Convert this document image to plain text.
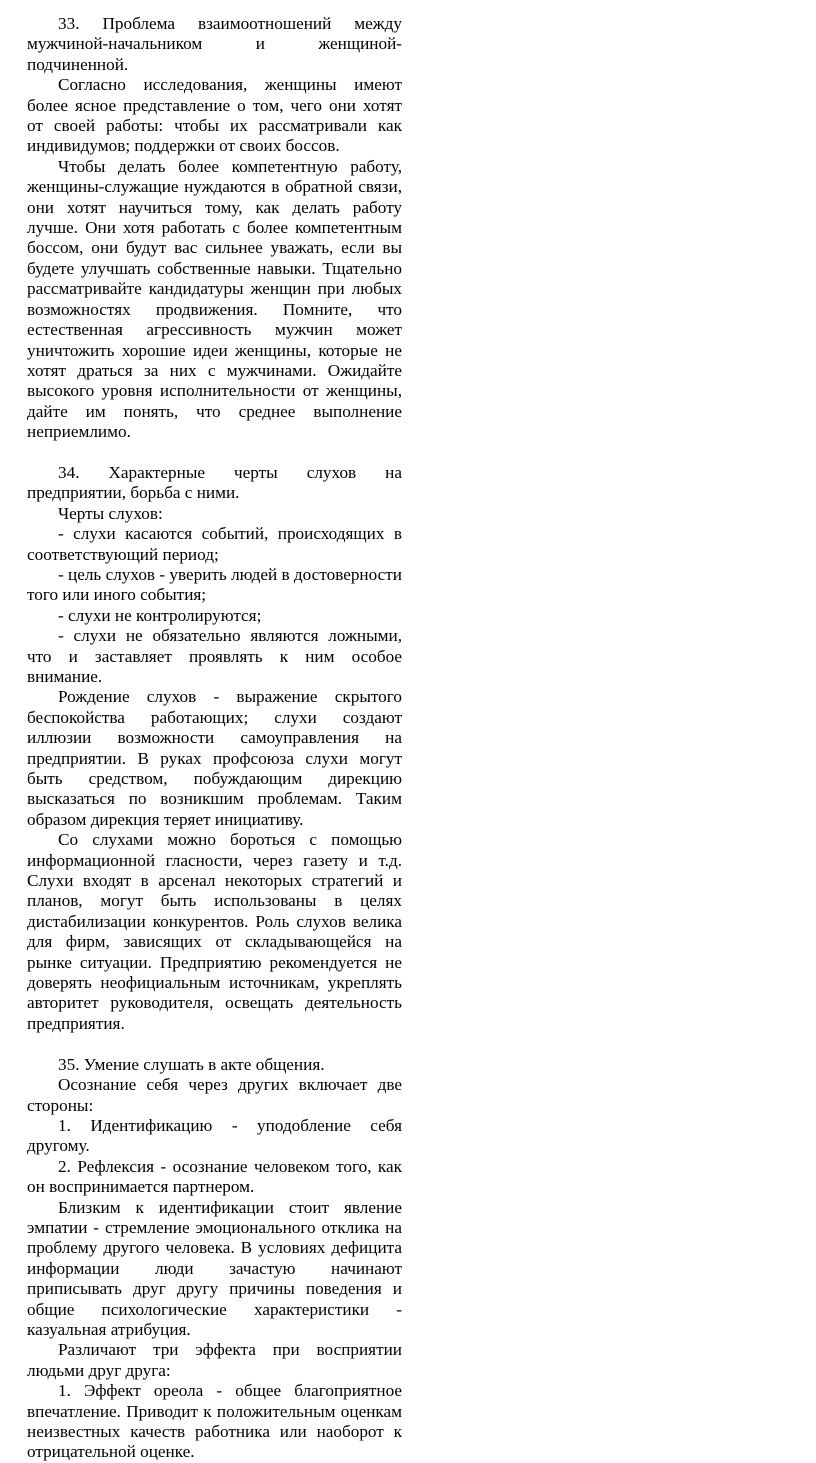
33. Проблема взаимоотношений между мужчиной-начальником и женщиной-подчиненной.

Согласно исследования, женщины имеют более ясное представление о том, чего они хотят от своей работы: чтобы их рассматривали как индивидумов; поддержки от своих боссов.

Чтобы делать более компетентную работу, женщины-служащие нуждаются в обратной связи, они хотят научиться тому, как делать работу лучше. Они хотя работать с более компетентным боссом, они будут вас сильнее уважать, если вы будете улучшать собственные навыки. Тщательно рассматривайте кандидатуры женщин при любых возможностях продвижения. Помните, что естественная агрессивность мужчин может уничтожить хорошие идеи женщины, которые не хотят драться за них с мужчинами. Ожидайте высокого уровня исполнительности от женщины, дайте им понять, что среднее выполнение неприемлимо.

34. Характерные черты слухов на предприятии, борьба с ними.

Черты слухов:

- слухи касаются событий, происходящих в соответствующий период;

- цель слухов - уверить людей в достоверности того или иного события;

- слухи не контролируются;

- слухи не обязательно являются ложными, что и заставляет проявлять к ним особое внимание.

Рождение слухов - выражение скрытого беспокойства работающих; слухи создают иллюзии возможности самоуправления на предприятии. В руках профсоюза слухи могут быть средством, побуждающим дирекцию высказаться по возникшим проблемам. Таким образом дирекция теряет инициативу.

Со слухами можно бороться с помощью информационной гласности, через газету и т.д. Слухи входят в арсенал некоторых стратегий и планов, могут быть использованы в целях дистабилизации конкурентов. Роль слухов велика для фирм, зависящих от складывающейся на рынке ситуации. Предприятию рекомендуется не доверять неофициальным источникам, укреплять авторитет руководителя, освещать деятельность предприятия.

35. Умение слушать в акте общения.

Осознание себя через других включает две стороны:

1. Идентификацию - уподобление себя другому.

2. Рефлексия - осознание человеком того, как он воспринимается партнером.

Близким к идентификации стоит явление эмпатии - стремление эмоционального отклика на проблему другого человека. В условиях дефицита информации люди зачастую начинают приписывать друг другу причины поведения и общие психологические характеристики - казуальная атрибуция.

Различают три эффекта при восприятии людьми друг друга:

1. Эффект ореола - общее благоприятное впечатление. Приводит к положительным оценкам неизвестных качеств работника или наоборот к отрицательной оценке.
